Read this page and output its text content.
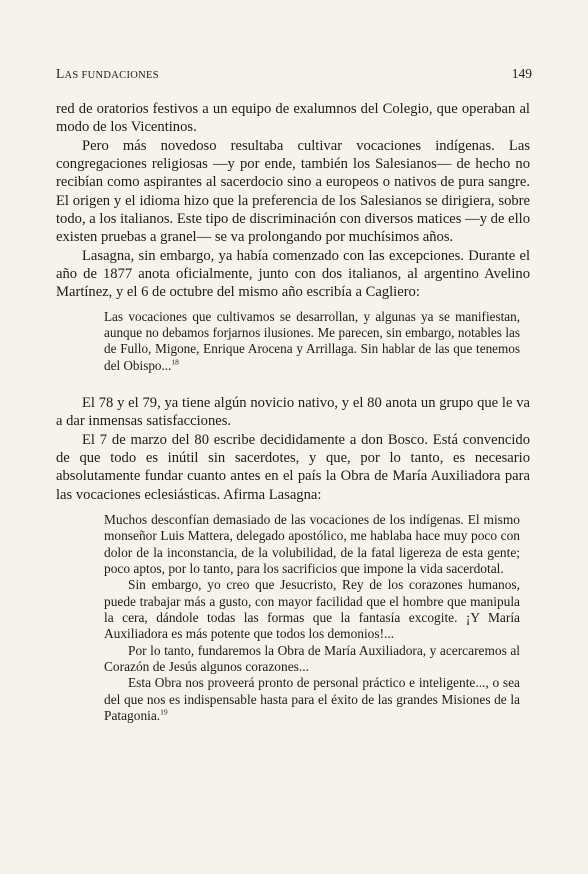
LAS FUNDACIONES	149

red de oratorios festivos a un equipo de exalumnos del Colegio, que operaban al modo de los Vicentinos.

Pero más novedoso resultaba cultivar vocaciones indígenas. Las congregaciones religiosas —y por ende, también los Salesianos— de hecho no recibían como aspirantes al sacerdocio sino a europeos o nativos de pura sangre. El origen y el idioma hizo que la preferencia de los Salesianos se dirigiera, sobre todo, a los italianos. Este tipo de discriminación con diversos matices —y de ello existen pruebas a granel— se va prolongando por muchísimos años.

Lasagna, sin embargo, ya había comenzado con las excepciones. Durante el año de 1877 anota oficialmente, junto con dos italianos, al argentino Avelino Martínez, y el 6 de octubre del mismo año escribía a Cagliero:

Las vocaciones que cultivamos se desarrollan, y algunas ya se manifiestan, aunque no debamos forjarnos ilusiones. Me parecen, sin embargo, notables las de Fullo, Migone, Enrique Arocena y Arrillaga. Sin hablar de las que tenemos del Obispo...$^{18}$

El 78 y el 79, ya tiene algún novicio nativo, y el 80 anota un grupo que le va a dar inmensas satisfacciones.

El 7 de marzo del 80 escribe decididamente a don Bosco. Está convencido de que todo es inútil sin sacerdotes, y que, por lo tanto, es necesario absolutamente fundar cuanto antes en el país la Obra de María Auxiliadora para las vocaciones eclesiásticas. Afirma Lasagna:

Muchos desconfían demasiado de las vocaciones de los indígenas. El mismo monseñor Luis Mattera, delegado apostólico, me hablaba hace muy poco con dolor de la inconstancia, de la volubilidad, de la fatal ligereza de esta gente; poco aptos, por lo tanto, para los sacrificios que impone la vida sacerdotal.

Sin embargo, yo creo que Jesucristo, Rey de los corazones humanos, puede trabajar más a gusto, con mayor facilidad que el hombre que manipula la cera, dándole todas las formas que la fantasía excogite. ¡Y María Auxiliadora es más potente que todos los demonios!...

Por lo tanto, fundaremos la Obra de María Auxiliadora, y acercaremos al Corazón de Jesús algunos corazones...

Esta Obra nos proveerá pronto de personal práctico e inteligente..., o sea del que nos es indispensable hasta para el éxito de las grandes Misiones de la Patagonia.$^{19}$
